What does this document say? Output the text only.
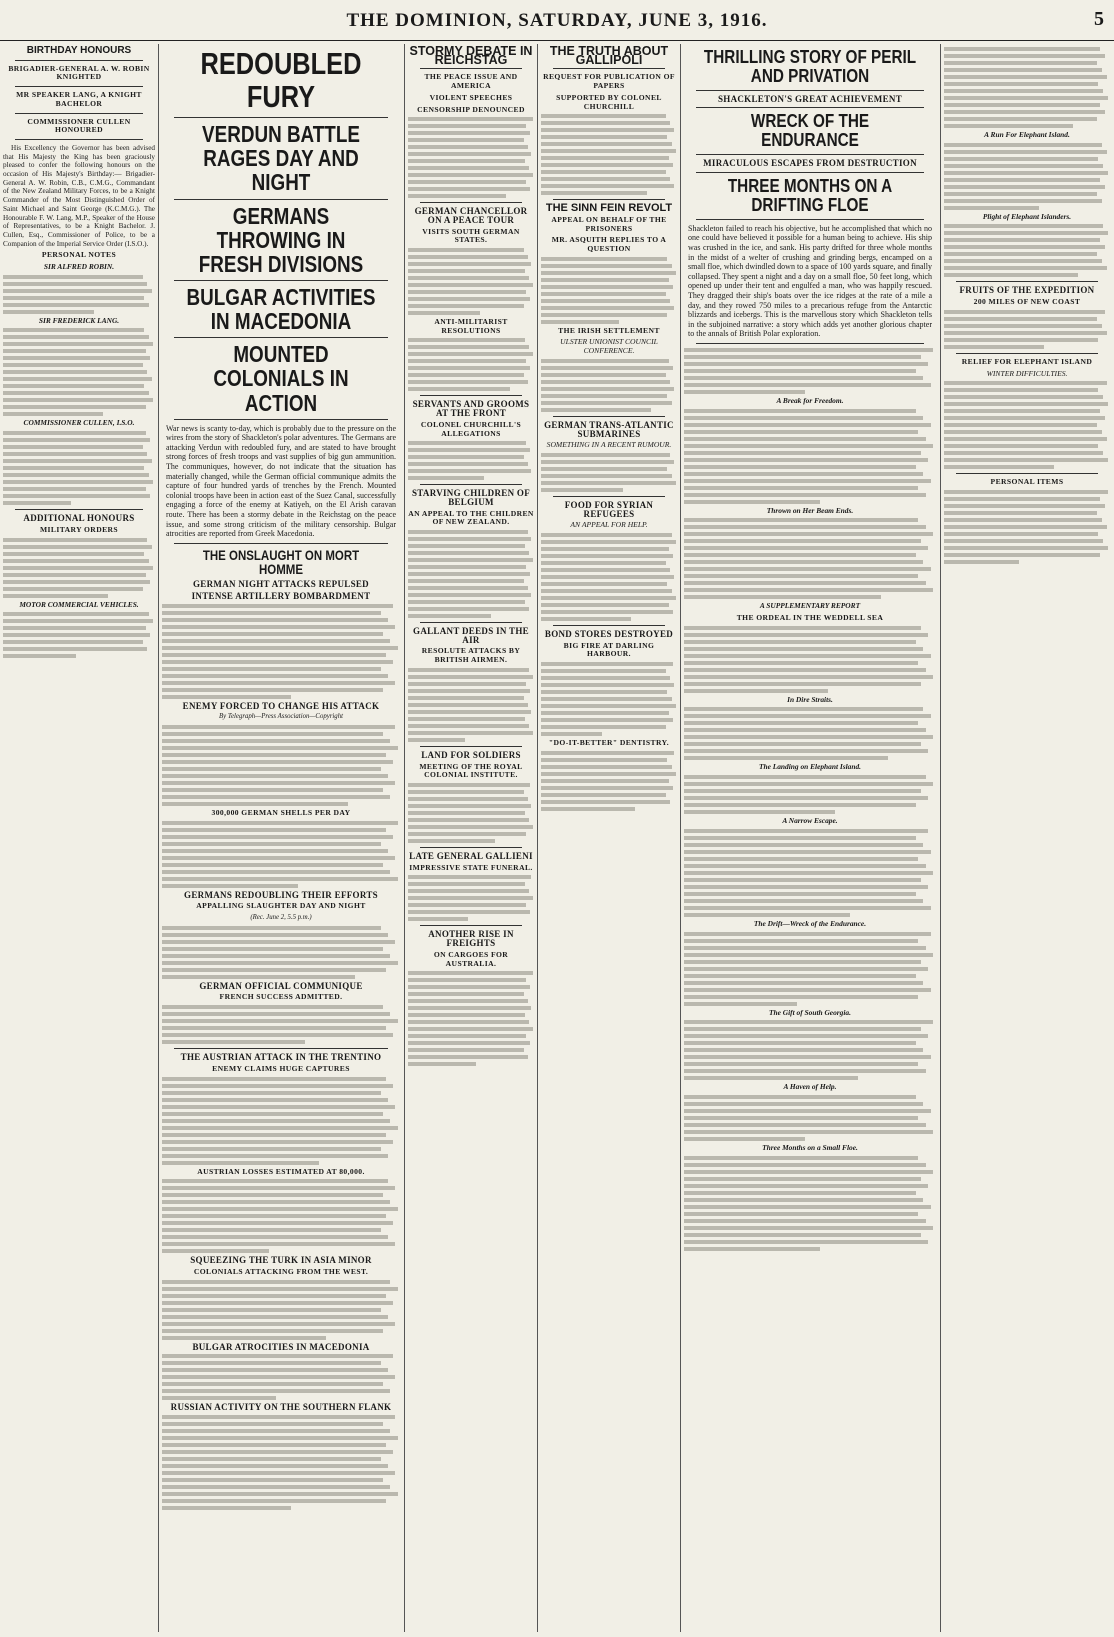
THE DOMINION, SATURDAY, JUNE 3, 1916.	5
BIRTHDAY HONOURS
BRIGADIER-GENERAL A. W. ROBIN KNIGHTED
MR SPEAKER LANG, A KNIGHT BACHELOR
COMMISSIONER CULLEN HONOURED

His Excellency the Governor has been advised that His Majesty the King has been graciously pleased to confer the following honours on the occasion of His Majesty's Birthday:— Brigadier-General A. W. Robin, C.B., C.M.G., Commandant of the New Zealand Military Forces, to be a Knight Commander of the Most Distinguished Order of Saint Michael and Saint George (K.C.M.G.). The Honourable F. W. Lang, M.P., Speaker of the House of Representatives, to be a Knight Bachelor. J. Cullen, Esq., Commissioner of Police, to be a Companion of the Imperial Service Order (I.S.O.).

PERSONAL NOTES
SIR ALFRED ROBIN.
SIR FREDERICK LANG.
COMMISSIONER CULLEN, I.S.O.
ADDITIONAL HONOURS
MILITARY ORDERS
MOTOR COMMERCIAL VEHICLES.
REDOUBLED FURY
VERDUN BATTLE RAGES DAY AND NIGHT
GERMANS THROWING IN FRESH DIVISIONS
BULGAR ACTIVITIES IN MACEDONIA
MOUNTED COLONIALS IN ACTION
War news is scanty to-day, which is probably due to the pressure on the wires from the story of Shackleton's polar adventures. The Germans are attacking Verdun with redoubled fury, and are stated to have brought strong forces of fresh troops and vast supplies of big gun ammunition. The communiques, however, do not indicate that the situation has materially changed, while the German official communique admits the capture of four hundred yards of trenches by the French. Mounted colonial troops have been in action east of the Suez Canal, successfully engaging a force of the enemy at Katiyeh, on the El Arish caravan route. There has been a stormy debate in the Reichstag on the peace issue, and some strong criticism of the military censorship. Bulgar atrocities are reported from Greek Macedonia.
THE ONSLAUGHT ON MORT HOMME
GERMAN NIGHT ATTACKS REPULSED
INTENSE ARTILLERY BOMBARDMENT
ENEMY FORCED TO CHANGE HIS ATTACK
By Telegraph—Press Association—Copyright
300,000 GERMAN SHELLS PER DAY
GERMANS REDOUBLING THEIR EFFORTS
APPALLING SLAUGHTER DAY AND NIGHT
(Rec. June 2, 5.5 p.m.)
GERMAN OFFICIAL COMMUNIQUE
FRENCH SUCCESS ADMITTED.
THE AUSTRIAN ATTACK IN THE TRENTINO
ENEMY CLAIMS HUGE CAPTURES
AUSTRIAN LOSSES ESTIMATED AT 80,000.
SQUEEZING THE TURK IN ASIA MINOR
COLONIALS ATTACKING FROM THE WEST.
BULGAR ATROCITIES IN MACEDONIA
RUSSIAN ACTIVITY ON THE SOUTHERN FLANK
STORMY DEBATE IN REICHSTAG
THE PEACE ISSUE AND AMERICA
VIOLENT SPEECHES
CENSORSHIP DENOUNCED
GERMAN CHANCELLOR ON A PEACE TOUR
VISITS SOUTH GERMAN STATES.
ANTI-MILITARIST RESOLUTIONS
SERVANTS AND GROOMS AT THE FRONT
COLONEL CHURCHILL'S ALLEGATIONS
STARVING CHILDREN OF BELGIUM
AN APPEAL TO THE CHILDREN OF NEW ZEALAND.
GALLANT DEEDS IN THE AIR
RESOLUTE ATTACKS BY BRITISH AIRMEN.
LAND FOR SOLDIERS
MEETING OF THE ROYAL COLONIAL INSTITUTE.
LATE GENERAL GALLIENI
IMPRESSIVE STATE FUNERAL.
ANOTHER RISE IN FREIGHTS
ON CARGOES FOR AUSTRALIA.
THE TRUTH ABOUT GALLIPOLI
REQUEST FOR PUBLICATION OF PAPERS
SUPPORTED BY COLONEL CHURCHILL
THE SINN FEIN REVOLT
APPEAL ON BEHALF OF THE PRISONERS
MR. ASQUITH REPLIES TO A QUESTION
THE IRISH SETTLEMENT
ULSTER UNIONIST COUNCIL CONFERENCE.
GERMAN TRANS-ATLANTIC SUBMARINES
SOMETHING IN A RECENT RUMOUR.
FOOD FOR SYRIAN REFUGEES
AN APPEAL FOR HELP.
BOND STORES DESTROYED
BIG FIRE AT DARLING HARBOUR.
"DO-IT-BETTER" DENTISTRY.
THRILLING STORY OF PERIL AND PRIVATION
SHACKLETON'S GREAT ACHIEVEMENT
WRECK OF THE ENDURANCE
MIRACULOUS ESCAPES FROM DESTRUCTION
THREE MONTHS ON A DRIFTING FLOE
Shackleton failed to reach his objective, but he accomplished that which no one could have believed it possible for a human being to achieve. His ship was crushed in the ice, and sank. His party drifted for three whole months in the midst of a welter of crushing and grinding bergs, encamped on a small floe, which dwindled down to a space of 100 yards square, and finally collapsed. They spent a night and a day on a small floe, 50 feet long, which opened up under their tent and engulfed a man, who was happily rescued. They dragged their ship's boats over the ice ridges at the rate of a mile a day, and they rowed 750 miles to a precarious refuge from the Antarctic blizzards and icebergs. This is the marvellous story which Shackleton tells in the subjoined narrative: a story which adds yet another glorious chapter to the annals of British Polar exploration.
A Break for Freedom.
Thrown on Her Beam Ends.
A SUPPLEMENTARY REPORT
THE ORDEAL IN THE WEDDELL SEA
In Dire Straits.
The Landing on Elephant Island.
A Narrow Escape.
The Drift—Wreck of the Endurance.
The Gift of South Georgia.
A Haven of Help.
Three Months on a Small Floe.
A Run For Elephant Island.
Plight of Elephant Islanders.
FRUITS OF THE EXPEDITION
200 MILES OF NEW COAST
RELIEF FOR ELEPHANT ISLAND
WINTER DIFFICULTIES.
PERSONAL ITEMS
